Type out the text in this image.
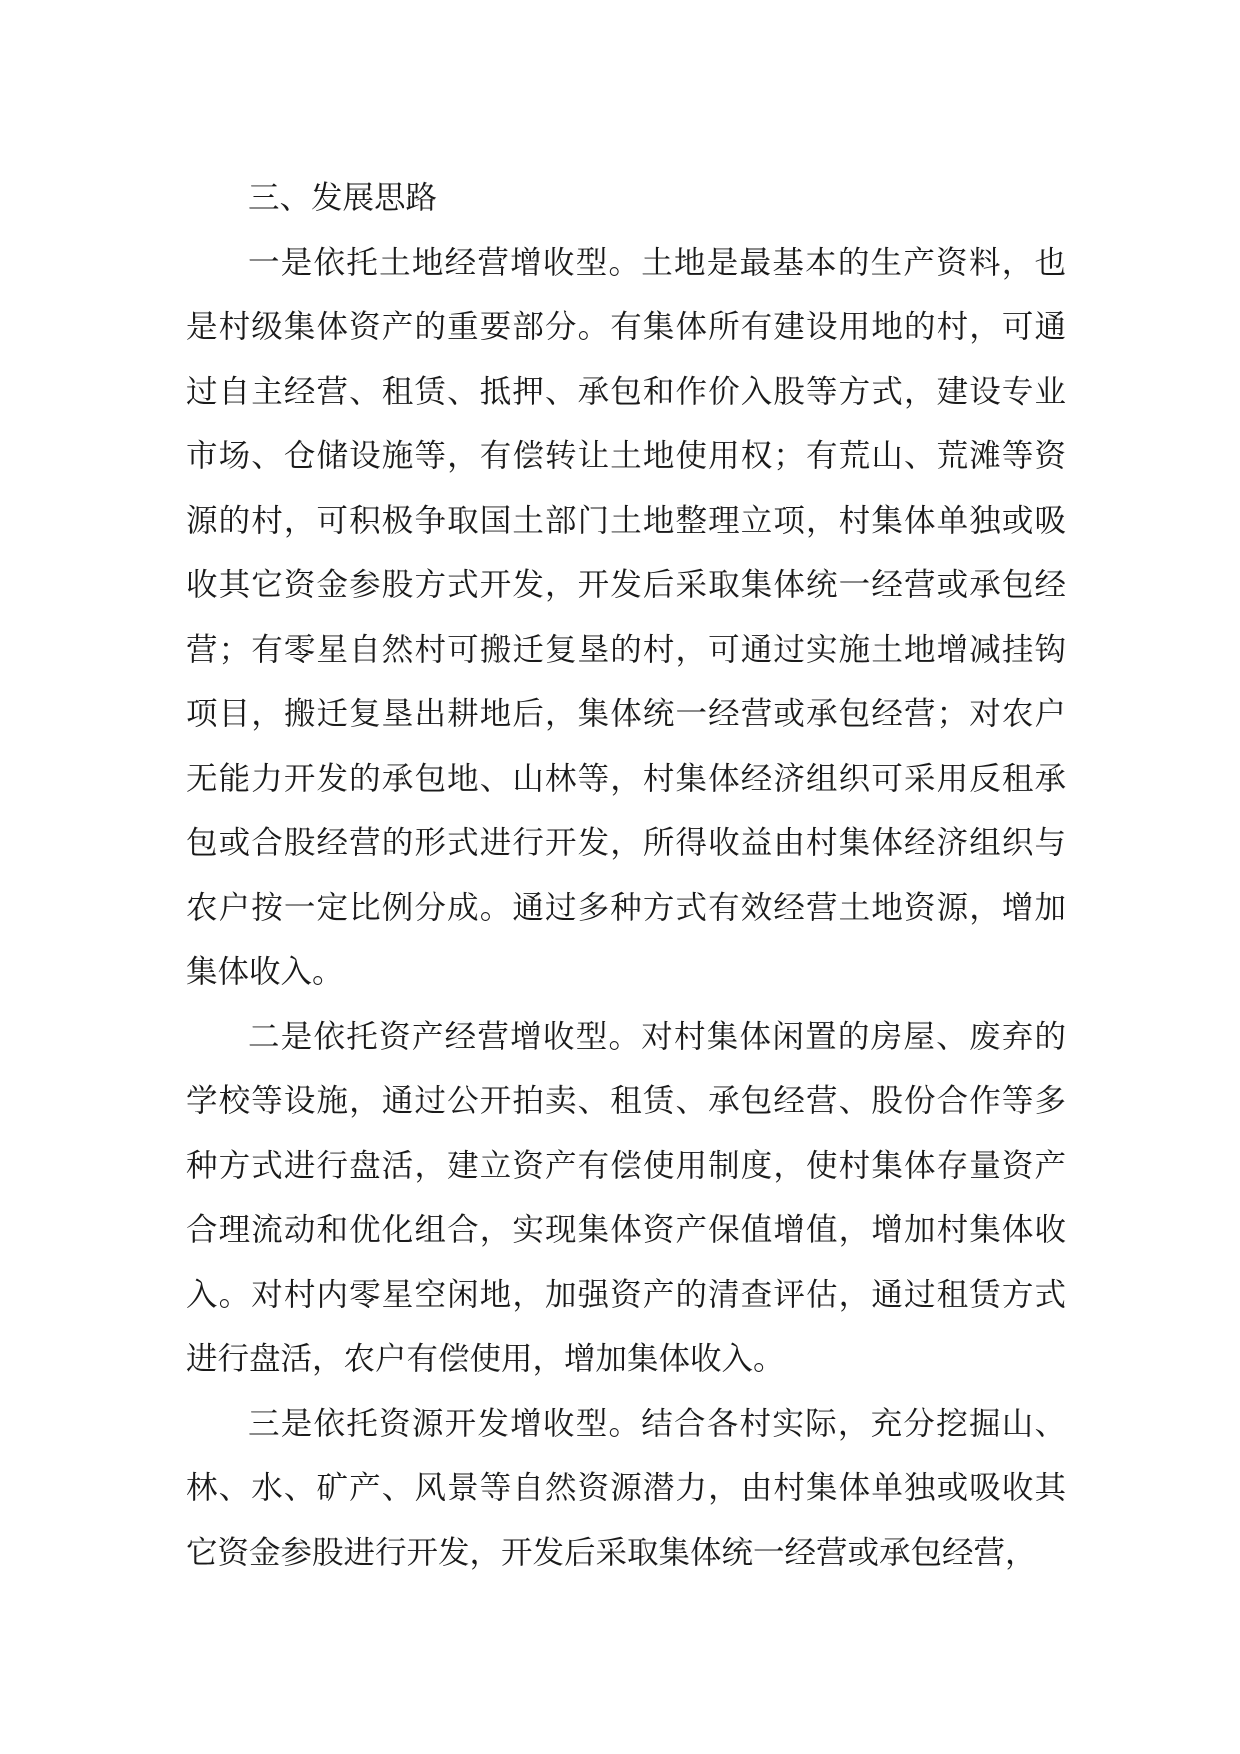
三、发展思路

一是依托土地经营增收型。土地是最基本的生产资料，也是村级集体资产的重要部分。有集体所有建设用地的村，可通过自主经营、租赁、抵押、承包和作价入股等方式，建设专业市场、仓储设施等，有偿转让土地使用权；有荒山、荒滩等资源的村，可积极争取国土部门土地整理立项，村集体单独或吸收其它资金参股方式开发，开发后采取集体统一经营或承包经营；有零星自然村可搬迁复垦的村，可通过实施土地增减挂钩项目，搬迁复垦出耕地后，集体统一经营或承包经营；对农户无能力开发的承包地、山林等，村集体经济组织可采用反租承包或合股经营的形式进行开发，所得收益由村集体经济组织与农户按一定比例分成。通过多种方式有效经营土地资源，增加集体收入。

二是依托资产经营增收型。对村集体闲置的房屋、废弃的学校等设施，通过公开拍卖、租赁、承包经营、股份合作等多种方式进行盘活，建立资产有偿使用制度，使村集体存量资产合理流动和优化组合，实现集体资产保值增值，增加村集体收入。对村内零星空闲地，加强资产的清查评估，通过租赁方式进行盘活，农户有偿使用，增加集体收入。

三是依托资源开发增收型。结合各村实际，充分挖掘山、林、水、矿产、风景等自然资源潜力，由村集体单独或吸收其它资金参股进行开发，开发后采取集体统一经营或承包经营，
